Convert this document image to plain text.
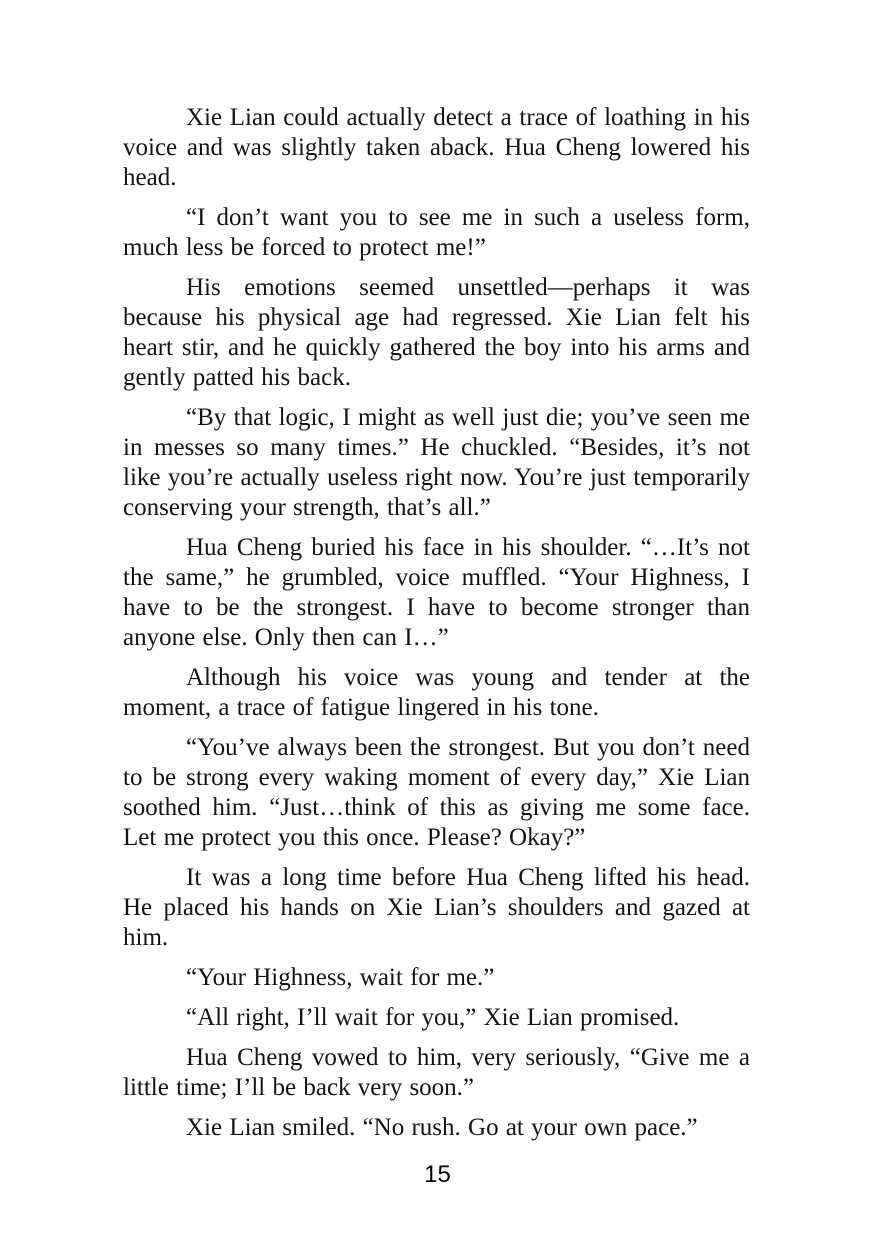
Xie Lian could actually detect a trace of loathing in his voice and was slightly taken aback. Hua Cheng lowered his head.

“I don’t want you to see me in such a useless form, much less be forced to protect me!”

His emotions seemed unsettled—perhaps it was because his physical age had regressed. Xie Lian felt his heart stir, and he quickly gathered the boy into his arms and gently patted his back.

“By that logic, I might as well just die; you’ve seen me in messes so many times.” He chuckled. “Besides, it’s not like you’re actually useless right now. You’re just temporarily conserving your strength, that’s all.”

Hua Cheng buried his face in his shoulder. “…It’s not the same,” he grumbled, voice muffled. “Your Highness, I have to be the strongest. I have to become stronger than anyone else. Only then can I…”

Although his voice was young and tender at the moment, a trace of fatigue lingered in his tone.

“You’ve always been the strongest. But you don’t need to be strong every waking moment of every day,” Xie Lian soothed him. “Just…think of this as giving me some face. Let me protect you this once. Please? Okay?”

It was a long time before Hua Cheng lifted his head. He placed his hands on Xie Lian’s shoulders and gazed at him.

“Your Highness, wait for me.”

“All right, I’ll wait for you,” Xie Lian promised.

Hua Cheng vowed to him, very seriously, “Give me a little time; I’ll be back very soon.”

Xie Lian smiled. “No rush. Go at your own pace.”

15
